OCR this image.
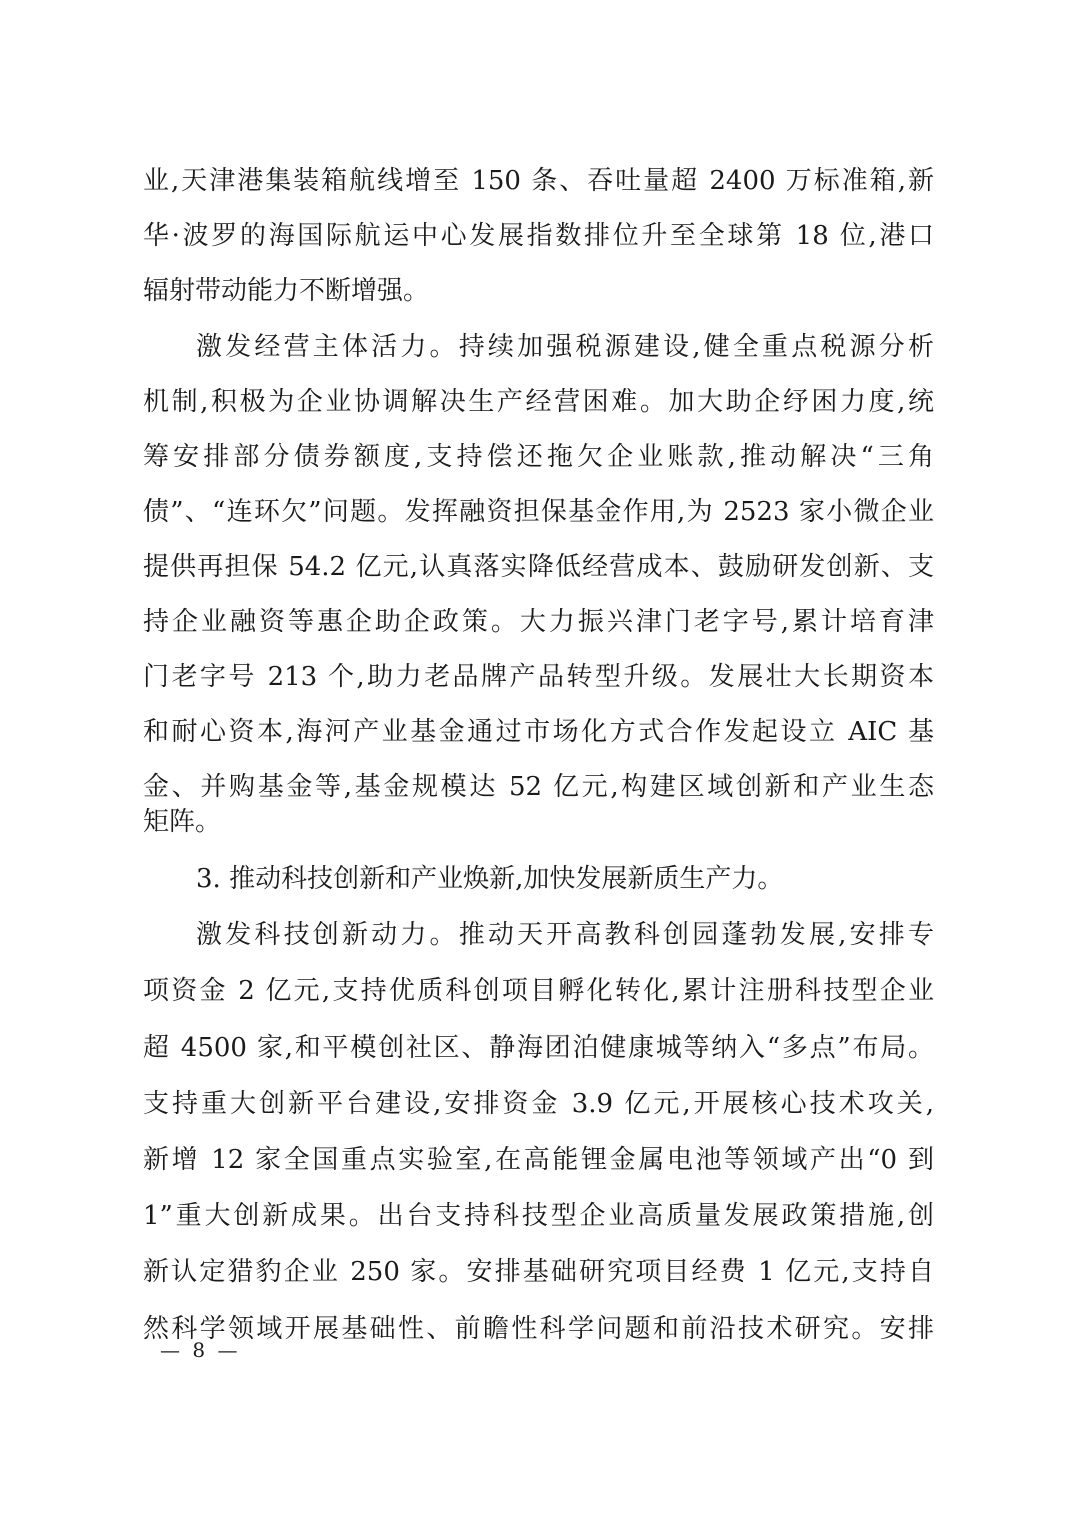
业,天津港集装箱航线增至 150 条、吞吐量超 2400 万标准箱,新
华·波罗的海国际航运中心发展指数排位升至全球第 18 位,港口
辐射带动能力不断增强。
激发经营主体活力。持续加强税源建设,健全重点税源分析
机制,积极为企业协调解决生产经营困难。加大助企纾困力度,统
筹安排部分债券额度,支持偿还拖欠企业账款,推动解决“三角
债”、“连环欠”问题。发挥融资担保基金作用,为 2523 家小微企业
提供再担保 54.2 亿元,认真落实降低经营成本、鼓励研发创新、支
持企业融资等惠企助企政策。大力振兴津门老字号,累计培育津
门老字号 213 个,助力老品牌产品转型升级。发展壮大长期资本
和耐心资本,海河产业基金通过市场化方式合作发起设立 AIC 基
金、并购基金等,基金规模达 52 亿元,构建区域创新和产业生态
矩阵。
3. 推动科技创新和产业焕新,加快发展新质生产力。
激发科技创新动力。推动天开高教科创园蓬勃发展,安排专
项资金 2 亿元,支持优质科创项目孵化转化,累计注册科技型企业
超 4500 家,和平模创社区、静海团泊健康城等纳入“多点”布局。
支持重大创新平台建设,安排资金 3.9 亿元,开展核心技术攻关,
新增 12 家全国重点实验室,在高能锂金属电池等领域产出“0 到
1”重大创新成果。出台支持科技型企业高质量发展政策措施,创
新认定猎豹企业 250 家。安排基础研究项目经费 1 亿元,支持自
然科学领域开展基础性、前瞻性科学问题和前沿技术研究。安排
— 8 —
